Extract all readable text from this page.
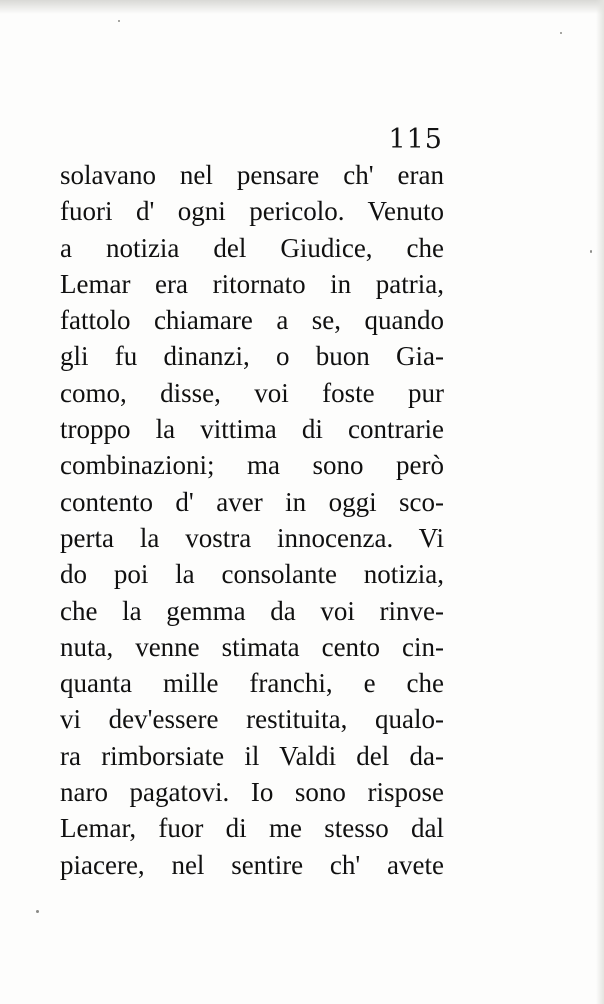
115
solavano nel pensare ch' eran
fuori d' ogni pericolo. Venuto
a notizia del Giudice, che
Lemar era ritornato in patria,
fattolo chiamare a se, quando
gli fu dinanzi, o buon Gia-
como, disse, voi foste pur
troppo la vittima di contrarie
combinazioni; ma sono però
contento d' aver in oggi sco-
perta la vostra innocenza. Vi
do poi la consolante notizia,
che la gemma da voi rinve-
nuta, venne stimata cento cin-
quanta mille franchi, e che
vi dev'essere restituita, qualo-
ra rimborsiate il Valdi del da-
naro pagatovi. Io sono rispose
Lemar, fuor di me stesso dal
piacere, nel sentire ch' avete
